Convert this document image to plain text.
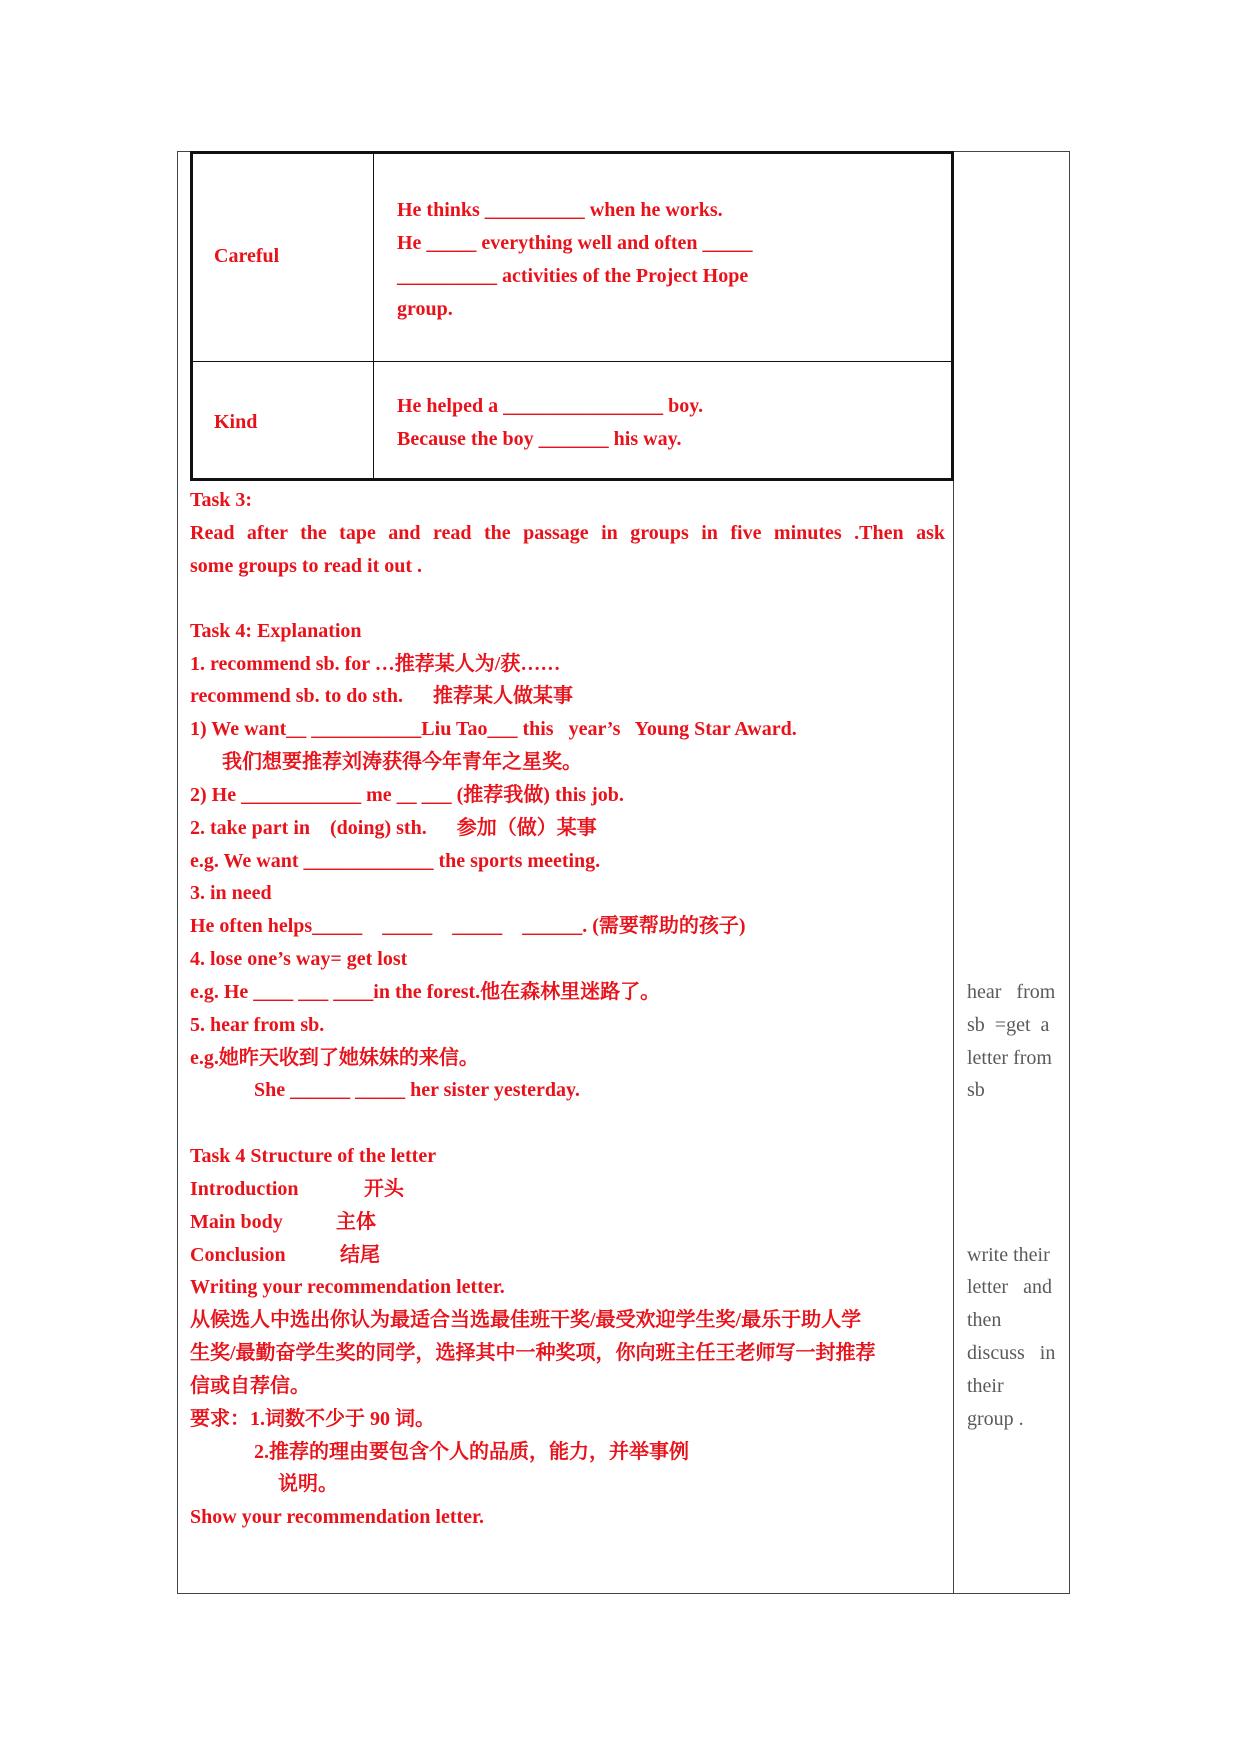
Careful
He thinks __________ when he works.
He _____ everything well and often _____
__________ activities of the Project Hope
group.
Kind
He helped a ________________ boy.
Because the boy _______ his way.
Task 3:
Read after the tape and read the passage in groups in five minutes .Then ask
some groups to read it out .
Task 4: Explanation
1. recommend sb. for …推荐某人为/获……
recommend sb. to do sth.      推荐某人做某事
1) We want__ ___________Liu Tao___ this   year’s   Young Star Award.
我们想要推荐刘涛获得今年青年之星奖。
2) He ____________ me __ ___ (推荐我做) this job.
2. take part in    (doing) sth.      参加（做）某事
e.g. We want _____________ the sports meeting.
3. in need
He often helps_____    _____    _____    ______. (需要帮助的孩子)
4. lose one’s way= get lost
e.g. He ____ ___ ____in the forest.他在森林里迷路了。
5. hear from sb.
e.g.她昨天收到了她妹妹的来信。
She ______ _____ her sister yesterday.
Task 4 Structure of the letter
Introduction	开头
Main body	主体
Conclusion	结尾
Writing your recommendation letter.
从候选人中选出你认为最适合当选最佳班干奖/最受欢迎学生奖/最乐于助人学
生奖/最勤奋学生奖的同学，选择其中一种奖项，你向班主任王老师写一封推荐
信或自荐信。
要求：1.词数不少于 90 词。
2.推荐的理由要包含个人的品质，能力，并举事例
说明。
Show your recommendation letter.
hear   from
sb  =get  a
letter from
sb
write their
letter   and
then
discuss   in
their
group .
